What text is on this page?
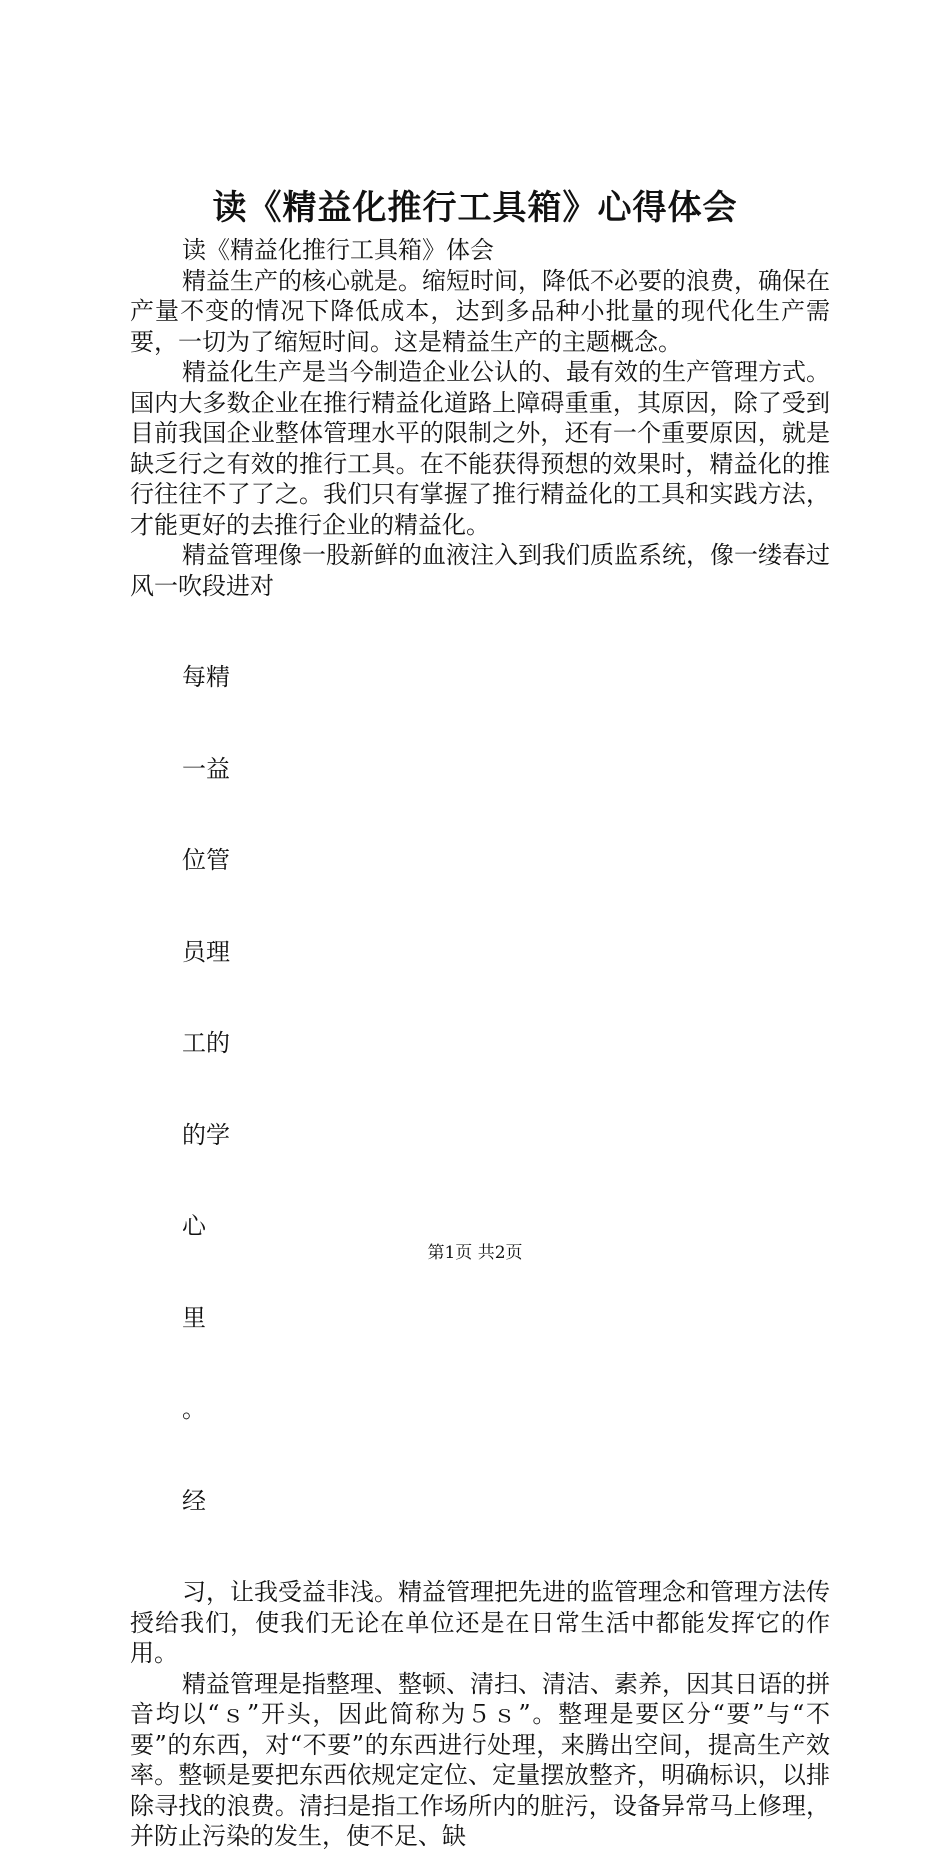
读《精益化推行工具箱》心得体会

读《精益化推行工具箱》体会

精益生产的核心就是。缩短时间，降低不必要的浪费，确保在产量不变的情况下降低成本，达到多品种小批量的现代化生产需要，一切为了缩短时间。这是精益生产的主题概念。

精益化生产是当今制造企业公认的、最有效的生产管理方式。国内大多数企业在推行精益化道路上障碍重重，其原因，除了受到目前我国企业整体管理水平的限制之外，还有一个重要原因，就是缺乏行之有效的推行工具。在不能获得预想的效果时，精益化的推行往往不了了之。我们只有掌握了推行精益化的工具和实践方法，才能更好的去推行企业的精益化。

精益管理像一股新鲜的血液注入到我们质监系统，像一缕春过风一吹段进对

每精

一益

位管

员理

工的

的学

心

里

。

经

习，让我受益非浅。精益管理把先进的监管理念和管理方法传授给我们，使我们无论在单位还是在日常生活中都能发挥它的作用。

精益管理是指整理、整顿、清扫、清洁、素养，因其日语的拼音均以“ｓ”开头，因此简称为５ｓ”。整理是要区分“要”与“不要”的东西，对“不要”的东西进行处理，来腾出空间，提高生产效率。整顿是要把东西依规定定位、定量摆放整齐，明确标识，以排除寻找的浪费。清扫是指工作场所内的脏污，设备异常马上修理，并防止污染的发生，使不足、缺

第1页 共2页
